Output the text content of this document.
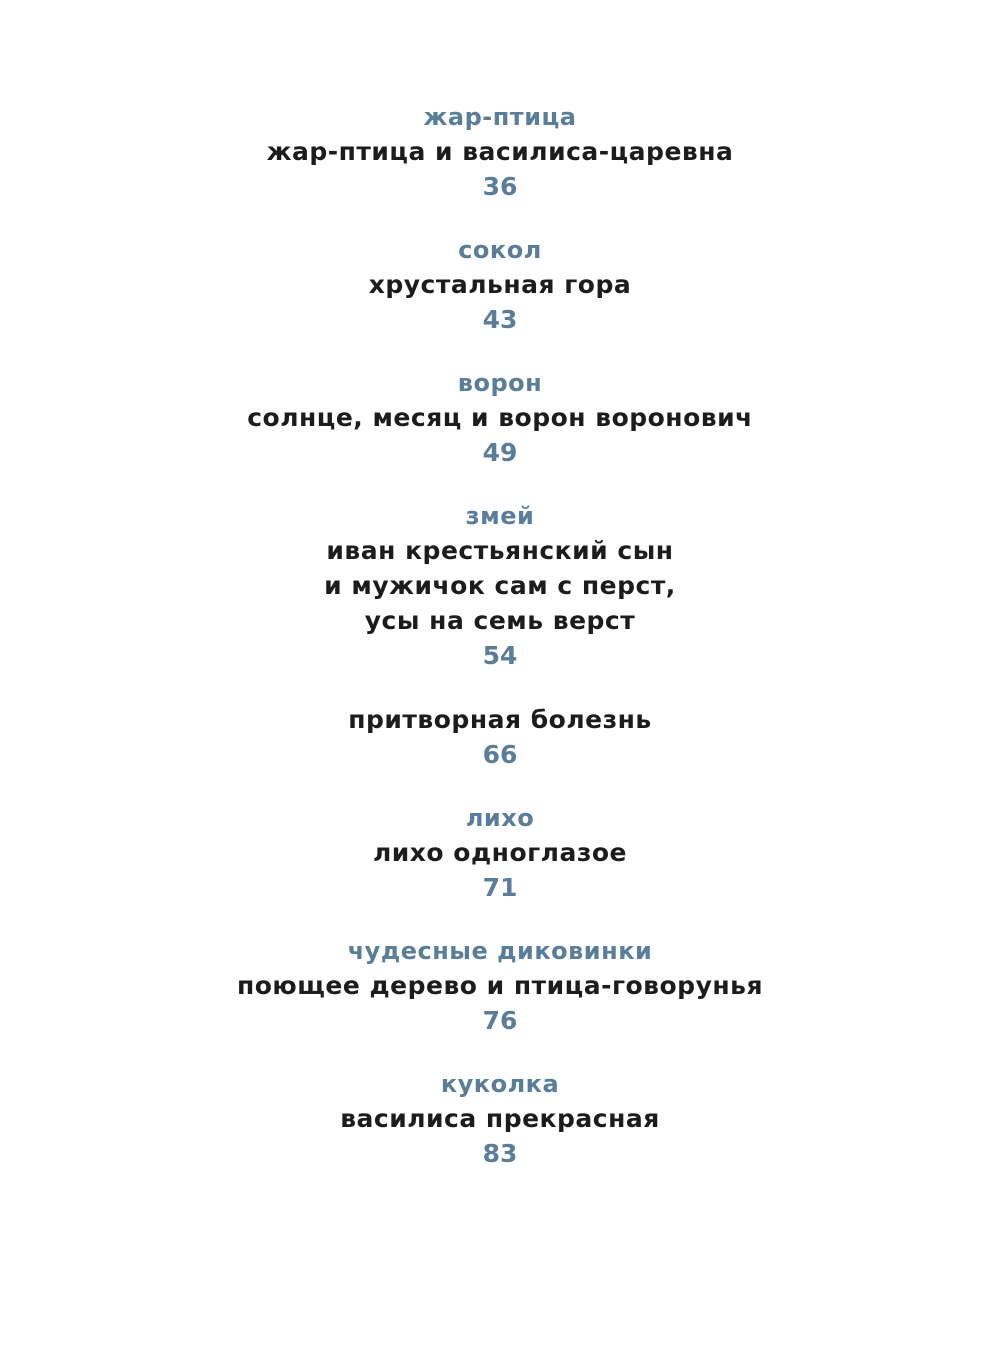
жар-птица
жар-птица и василиса-царевна
36
сокол
хрустальная гора
43
ворон
солнце, месяц и ворон воронович
49
змей
иван крестьянский сын
и мужичок сам с перст,
усы на семь верст
54
притворная болезнь
66
лихо
лихо одноглазое
71
чудесные диковинки
поющее дерево и птица-говорунья
76
куколка
василиса прекрасная
83
